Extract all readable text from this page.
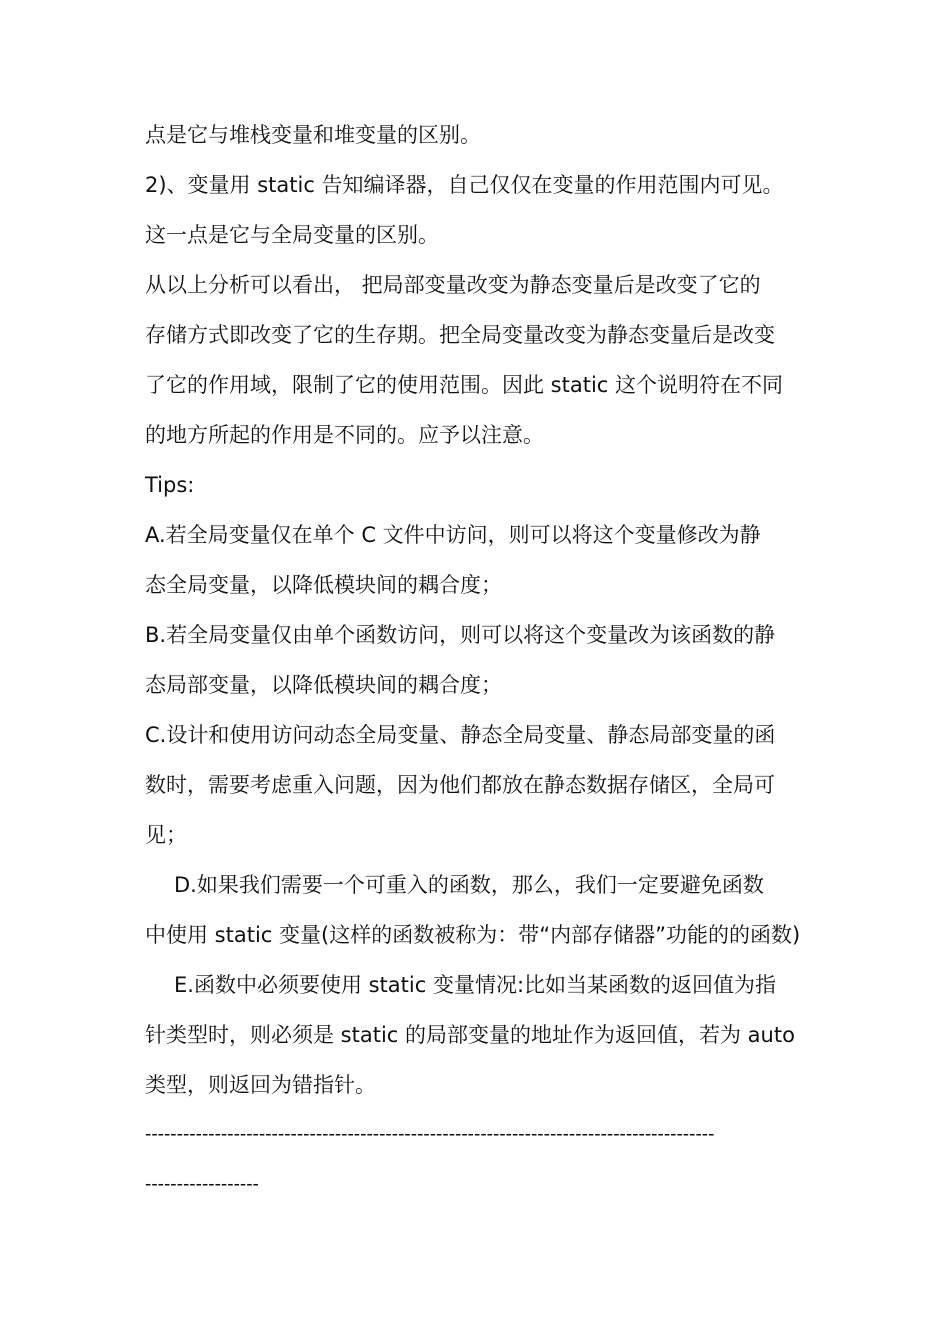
点是它与堆栈变量和堆变量的区别。
2)、变量用 static 告知编译器，自己仅仅在变量的作用范围内可见。
这一点是它与全局变量的区别。
从以上分析可以看出， 把局部变量改变为静态变量后是改变了它的
存储方式即改变了它的生存期。把全局变量改变为静态变量后是改变
了它的作用域，限制了它的使用范围。因此 static 这个说明符在不同
的地方所起的作用是不同的。应予以注意。
Tips:
A.若全局变量仅在单个 C 文件中访问，则可以将这个变量修改为静
态全局变量，以降低模块间的耦合度；
B.若全局变量仅由单个函数访问，则可以将这个变量改为该函数的静
态局部变量，以降低模块间的耦合度；
C.设计和使用访问动态全局变量、静态全局变量、静态局部变量的函
数时，需要考虑重入问题，因为他们都放在静态数据存储区，全局可
见；
D.如果我们需要一个可重入的函数，那么，我们一定要避免函数
中使用 static 变量(这样的函数被称为：带“内部存储器”功能的的函数)
E.函数中必须要使用 static 变量情况:比如当某函数的返回值为指
针类型时，则必须是 static 的局部变量的地址作为返回值，若为 auto
类型，则返回为错指针。
------------------------------------------------------------------------------------------
------------------
